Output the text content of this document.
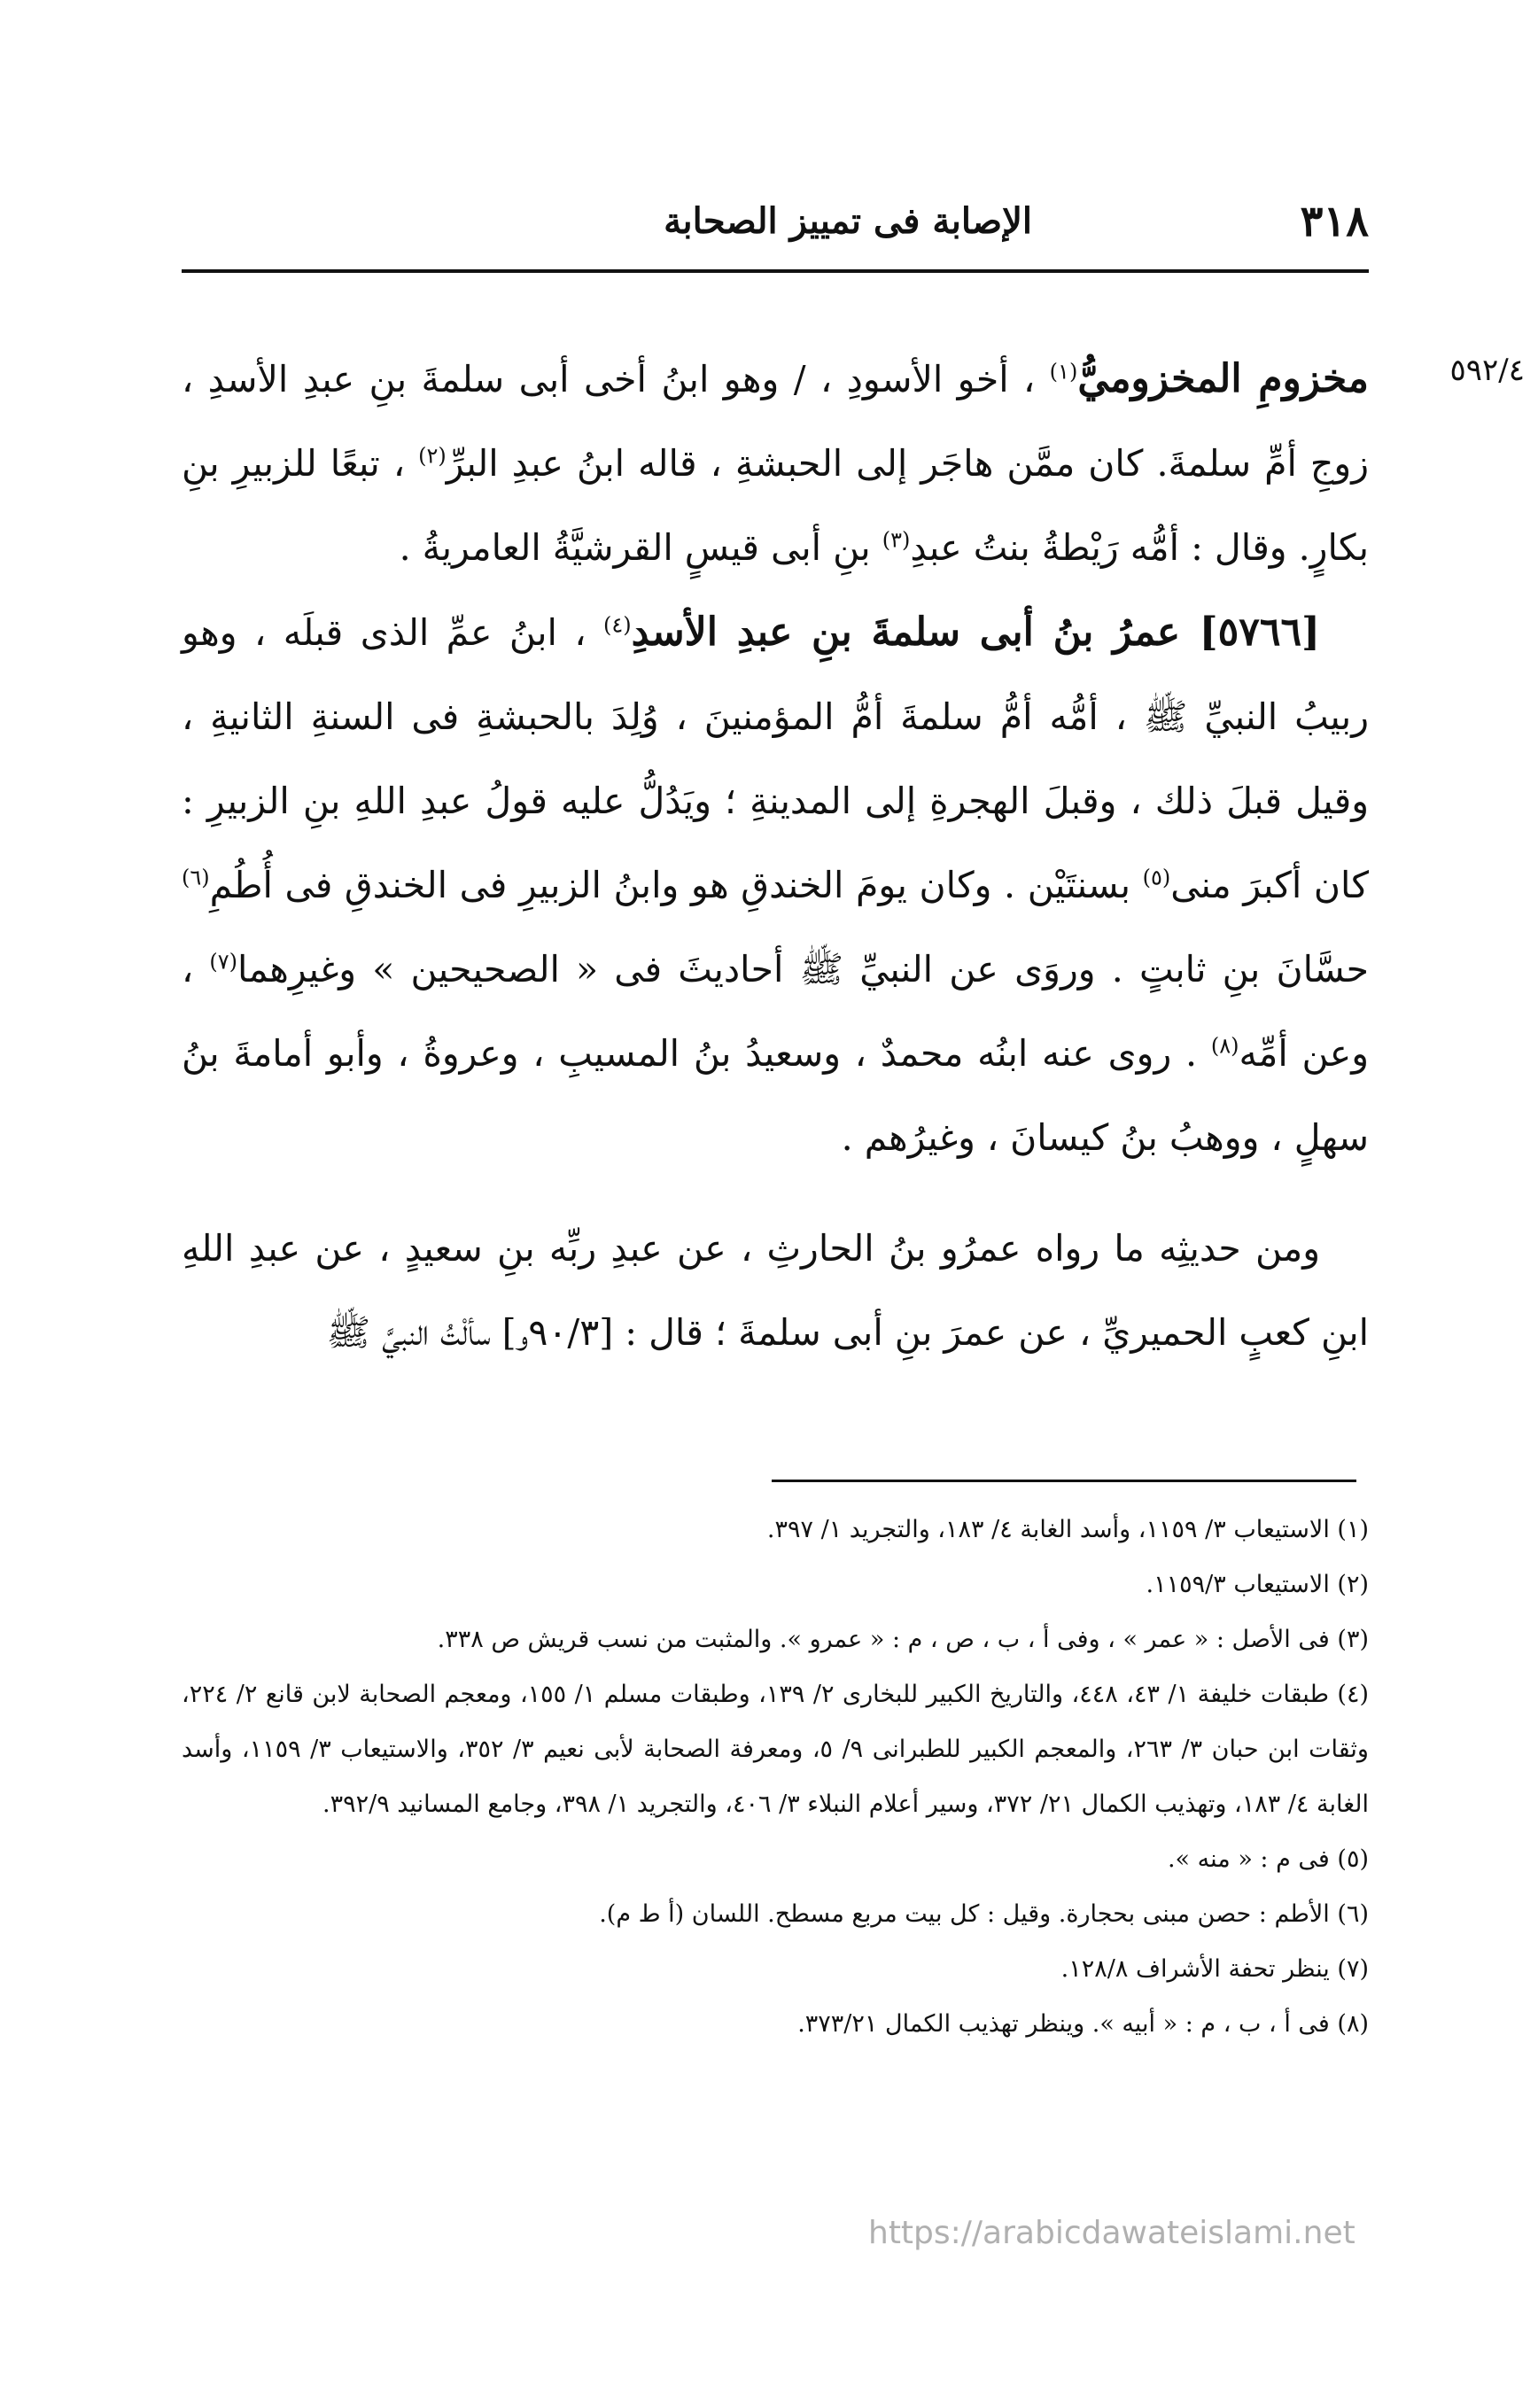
٣١٨
الإصابة فى تمييز الصحابة
٥٩٢/٤

مخزومِ المخزوميُّ$^{(١)}$ ، أخو الأسودِ ، / وهو ابنُ أخى أبى سلمةَ بنِ عبدِ الأسدِ ، زوجِ أمِّ سلمةَ. كان ممَّن هاجَر إلى الحبشةِ ، قاله ابنُ عبدِ البرِّ$^{(٢)}$ ، تبعًا للزبيرِ بنِ بكارٍ. وقال : أمُّه رَيْطةُ بنتُ عبدِ$^{(٣)}$ بنِ أبى قيسٍ القرشيَّةُ العامريةُ .

[٥٧٦٦] عمرُ بنُ أبى سلمةَ بنِ عبدِ الأسدِ$^{(٤)}$ ، ابنُ عمِّ الذى قبلَه ، وهو ربيبُ النبيِّ ﷺ ، أمُّه أمُّ سلمةَ أمُّ المؤمنينَ ، وُلِدَ بالحبشةِ فى السنةِ الثانيةِ ، وقيل قبلَ ذلك ، وقبلَ الهجرةِ إلى المدينةِ ؛ ويَدُلُّ عليه قولُ عبدِ اللهِ بنِ الزبيرِ : كان أكبرَ منى$^{(٥)}$ بسنتَيْن . وكان يومَ الخندقِ هو وابنُ الزبيرِ فى الخندقِ فى أُطُمِ$^{(٦)}$ حسَّانَ بنِ ثابتٍ . وروَى عن النبيِّ ﷺ أحاديثَ فى « الصحيحين » وغيرِهما$^{(٧)}$ ، وعن أمِّه$^{(٨)}$ . روى عنه ابنُه محمدٌ ، وسعيدُ بنُ المسيبِ ، وعروةُ ، وأبو أمامةَ بنُ سهلٍ ، ووهبُ بنُ كيسانَ ، وغيرُهم .

ومن حديثِه ما رواه عمرُو بنُ الحارثِ ، عن عبدِ ربِّه بنِ سعيدٍ ، عن عبدِ اللهِ ابنِ كعبٍ الحميريِّ ، عن عمرَ بنِ أبى سلمةَ ؛ قال : [٩٠/٣و] سألْتُ النبيَّ ﷺ

(١) الاستيعاب ٣/ ١١٥٩، وأسد الغابة ٤/ ١٨٣، والتجريد ١/ ٣٩٧.

(٢) الاستيعاب ١١٥٩/٣.

(٣) فى الأصل : « عمر » ، وفى أ ، ب ، ص ، م : « عمرو ». والمثبت من نسب قريش ص ٣٣٨.

(٤) طبقات خليفة ١/ ٤٣، ٤٤٨، والتاريخ الكبير للبخارى ٢/ ١٣٩، وطبقات مسلم ١/ ١٥٥، ومعجم الصحابة لابن قانع ٢/ ٢٢٤، وثقات ابن حبان ٣/ ٢٦٣، والمعجم الكبير للطبرانى ٩/ ٥، ومعرفة الصحابة لأبى نعيم ٣/ ٣٥٢، والاستيعاب ٣/ ١١٥٩، وأسد الغابة ٤/ ١٨٣، وتهذيب الكمال ٢١/ ٣٧٢، وسير أعلام النبلاء ٣/ ٤٠٦، والتجريد ١/ ٣٩٨، وجامع المسانيد ٣٩٢/٩.

(٥) فى م : « منه ».

(٦) الأطم : حصن مبنى بحجارة. وقيل : كل بيت مربع مسطح. اللسان (أ ط م).

(٧) ينظر تحفة الأشراف ١٢٨/٨.

(٨) فى أ ، ب ، م : « أبيه ». وينظر تهذيب الكمال ٣٧٣/٢١.

https://arabicdawateislami.net
